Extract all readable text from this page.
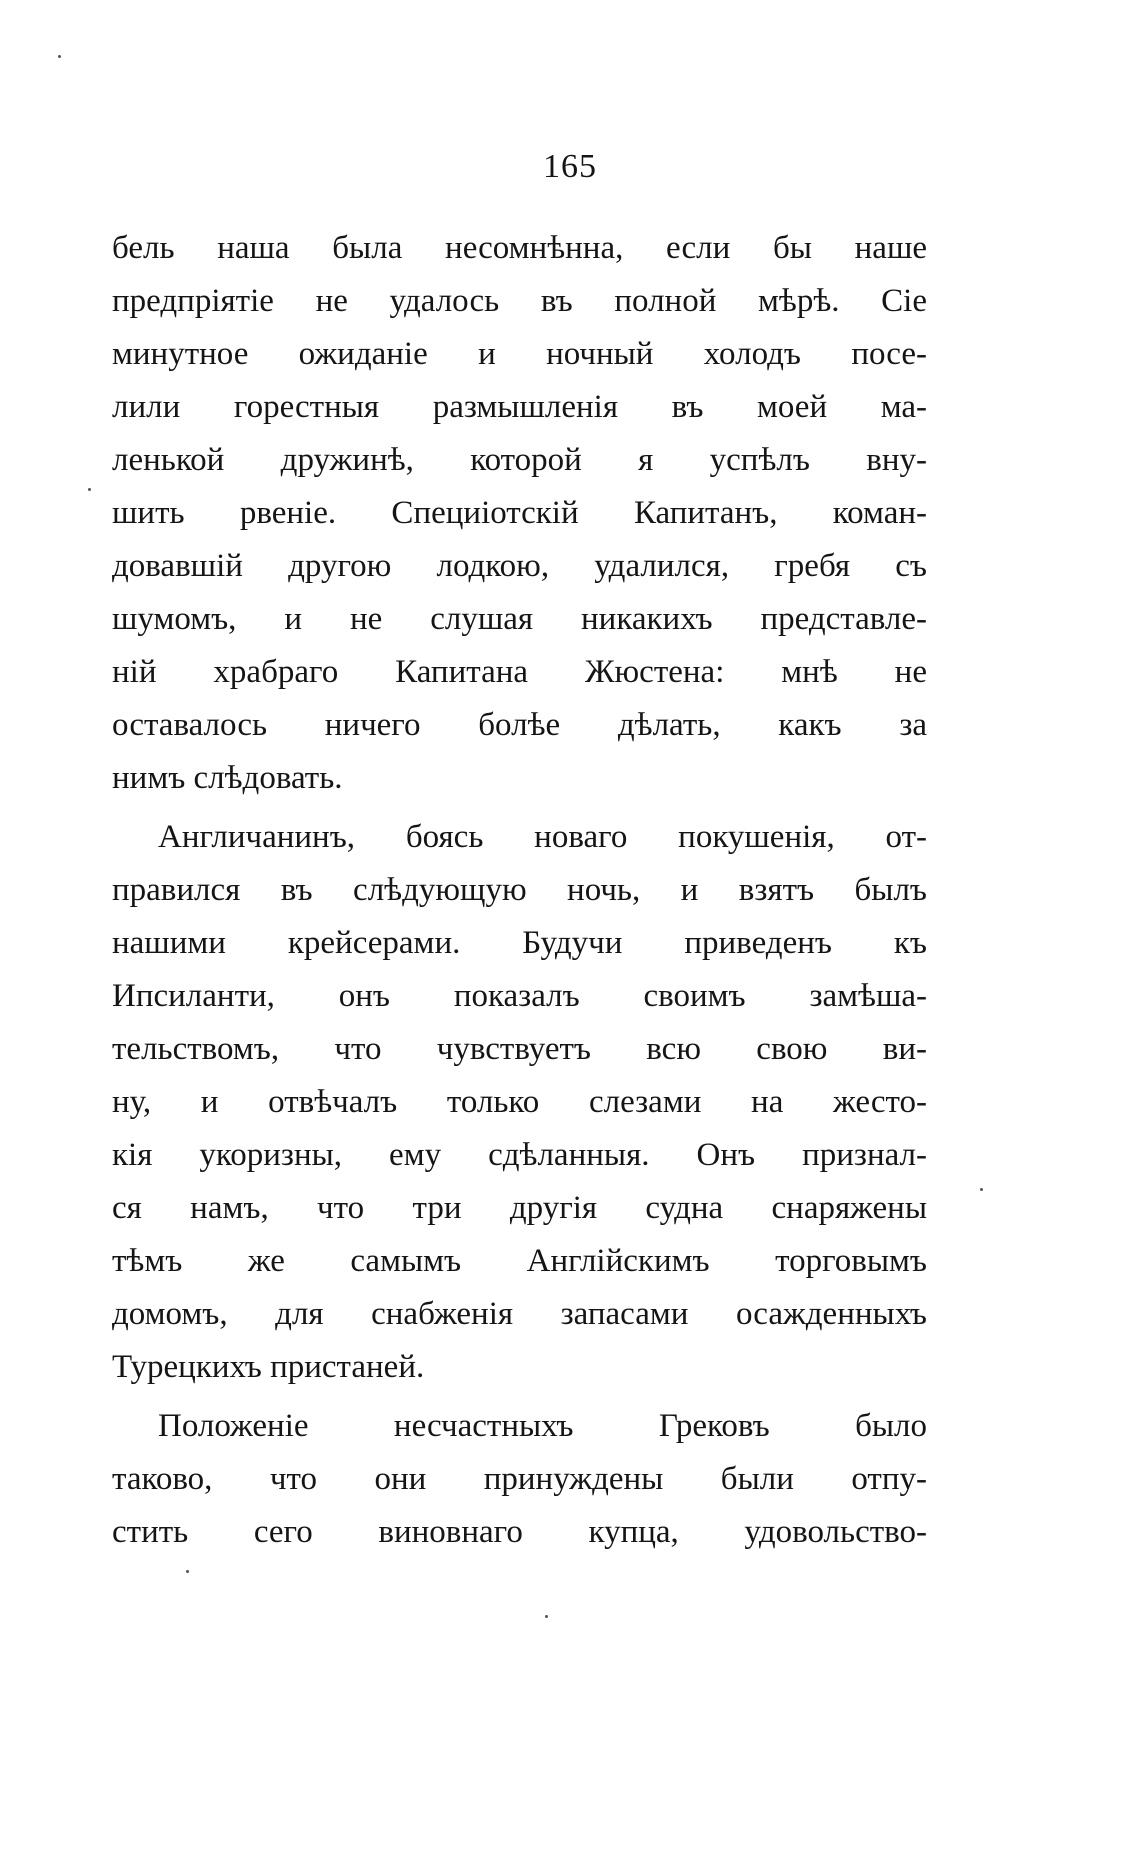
165
бель наша была несомнѣнна, если бы наше
предпріятіе не удалось въ полной мѣрѣ. Сіе
минутное ожиданіе и ночный холодъ посе-
лили горестныя размышленія въ моей ма-
ленькой дружинѣ, которой я успѣлъ вну-
шить рвеніе. Специіотскій Капитанъ, коман-
довавшій другою лодкою, удалился, гребя съ
шумомъ, и не слушая никакихъ представле-
ній храбраго Капитана Жюстена: мнѣ не
оставалось ничего болѣе дѣлать, какъ за
нимъ слѣдовать.
Англичанинъ, боясь новаго покушенія, от-
правился въ слѣдующую ночь, и взятъ былъ
нашими крейсерами. Будучи приведенъ къ
Ипсиланти, онъ показалъ своимъ замѣша-
тельствомъ, что чувствуетъ всю свою ви-
ну, и отвѣчалъ только слезами на жесто-
кія укоризны, ему сдѣланныя. Онъ признал-
ся намъ, что три другія судна снаряжены
тѣмъ же самымъ Англійскимъ торговымъ
домомъ, для снабженія запасами осажденныхъ
Турецкихъ пристаней.
Положеніе несчастныхъ Грековъ было
таково, что они принуждены были отпу-
стить сего виновнаго купца, удовольство-
